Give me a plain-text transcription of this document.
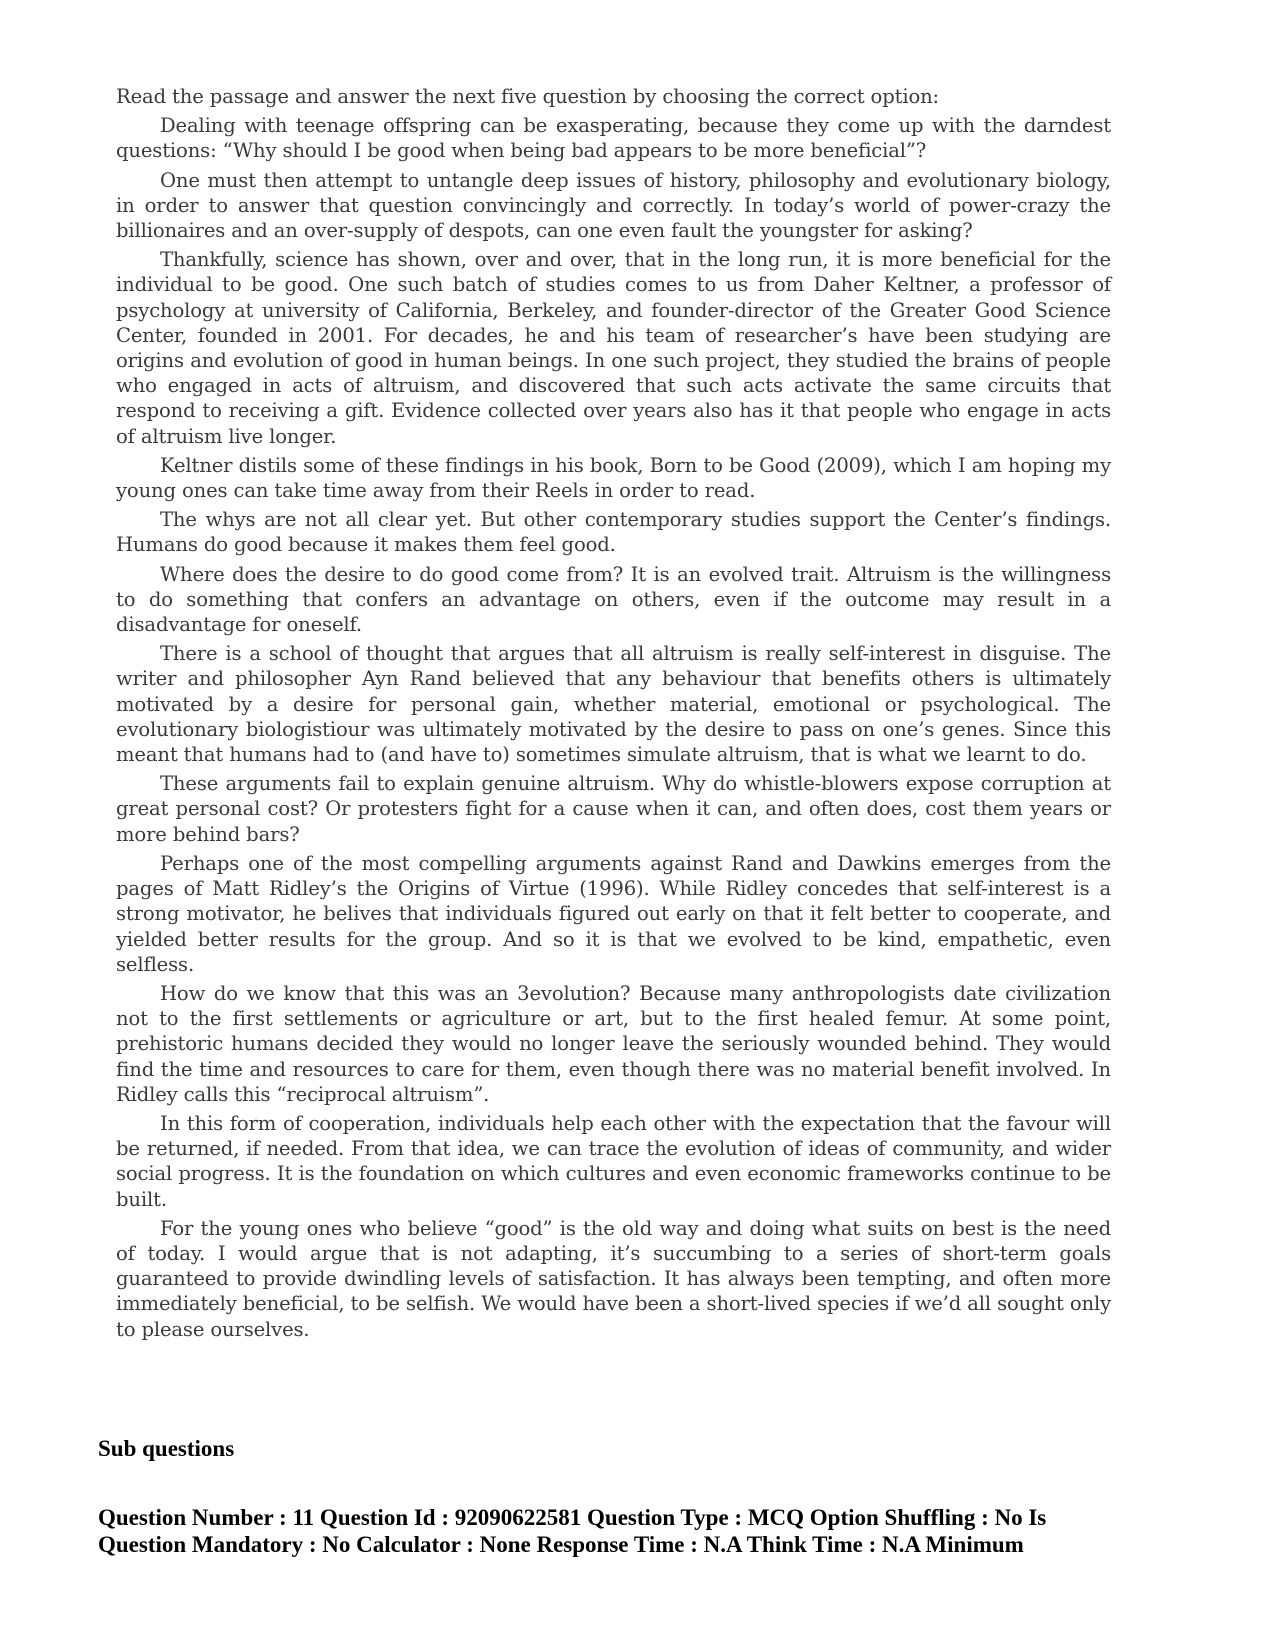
Read the passage and answer the next five question by choosing the correct option:

Dealing with teenage offspring can be exasperating, because they come up with the darndest questions: “Why should I be good when being bad appears to be more beneficial”?

One must then attempt to untangle deep issues of history, philosophy and evolutionary biology, in order to answer that question convincingly and correctly. In today’s world of power-crazy the billionaires and an over-supply of despots, can one even fault the youngster for asking?

Thankfully, science has shown, over and over, that in the long run, it is more beneficial for the individual to be good. One such batch of studies comes to us from Daher Keltner, a professor of psychology at university of California, Berkeley, and founder-director of the Greater Good Science Center, founded in 2001. For decades, he and his team of researcher’s have been studying are origins and evolution of good in human beings. In one such project, they studied the brains of people who engaged in acts of altruism, and discovered that such acts activate the same circuits that respond to receiving a gift. Evidence collected over years also has it that people who engage in acts of altruism live longer.

Keltner distils some of these findings in his book, Born to be Good (2009), which I am hoping my young ones can take time away from their Reels in order to read.

The whys are not all clear yet. But other contemporary studies support the Center’s findings. Humans do good because it makes them feel good.

Where does the desire to do good come from? It is an evolved trait. Altruism is the willingness to do something that confers an advantage on others, even if the outcome may result in a disadvantage for oneself.

There is a school of thought that argues that all altruism is really self-interest in disguise. The writer and philosopher Ayn Rand believed that any behaviour that benefits others is ultimately motivated by a desire for personal gain, whether material, emotional or psychological. The evolutionary biologistiour was ultimately motivated by the desire to pass on one’s genes. Since this meant that humans had to (and have to) sometimes simulate altruism, that is what we learnt to do.

These arguments fail to explain genuine altruism. Why do whistle-blowers expose corruption at great personal cost? Or protesters fight for a cause when it can, and often does, cost them years or more behind bars?

Perhaps one of the most compelling arguments against Rand and Dawkins emerges from the pages of Matt Ridley’s the Origins of Virtue (1996). While Ridley concedes that self-interest is a strong motivator, he belives that individuals figured out early on that it felt better to cooperate, and yielded better results for the group. And so it is that we evolved to be kind, empathetic, even selfless.

How do we know that this was an 3evolution? Because many anthropologists date civilization not to the first settlements or agriculture or art, but to the first healed femur. At some point, prehistoric humans decided they would no longer leave the seriously wounded behind. They would find the time and resources to care for them, even though there was no material benefit involved. In Ridley calls this “reciprocal altruism”.

In this form of cooperation, individuals help each other with the expectation that the favour will be returned, if needed. From that idea, we can trace the evolution of ideas of community, and wider social progress. It is the foundation on which cultures and even economic frameworks continue to be built.

For the young ones who believe “good” is the old way and doing what suits on best is the need of today. I would argue that is not adapting, it’s succumbing to a series of short-term goals guaranteed to provide dwindling levels of satisfaction. It has always been tempting, and often more immediately beneficial, to be selfish. We would have been a short-lived species if we’d all sought only to please ourselves.

Sub questions

Question Number : 11 Question Id : 92090622581 Question Type : MCQ Option Shuffling : No Is Question Mandatory : No Calculator : None Response Time : N.A Think Time : N.A Minimum
